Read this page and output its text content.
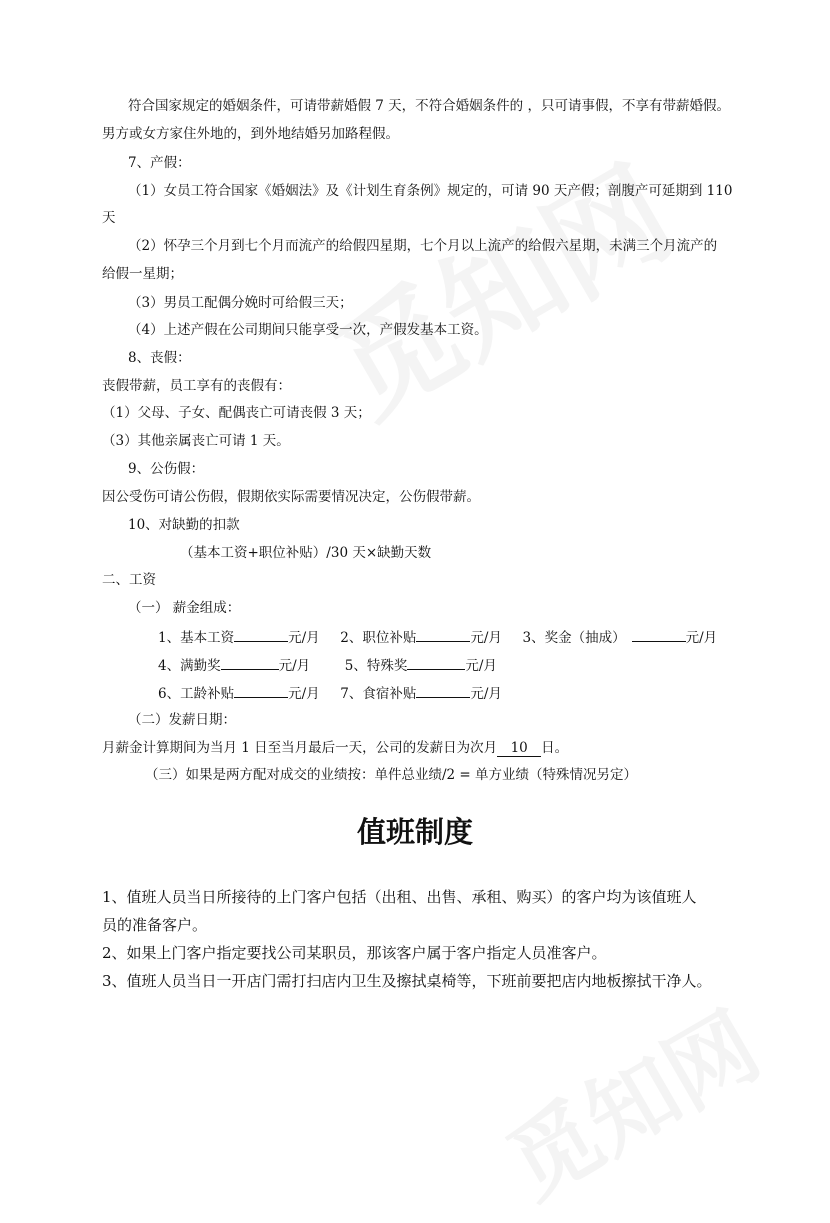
符合国家规定的婚姻条件，可请带薪婚假 7 天，不符合婚姻条件的 ，只可请事假，不享有带薪婚假。
男方或女方家住外地的，到外地结婚另加路程假。
7、产假：
（1）女员工符合国家《婚姻法》及《计划生育条例》规定的，可请 90 天产假；剖腹产可延期到 110
天
（2）怀孕三个月到七个月而流产的给假四星期，七个月以上流产的给假六星期，未满三个月流产的
给假一星期；
（3）男员工配偶分娩时可给假三天；
（4）上述产假在公司期间只能享受一次，产假发基本工资。
8、丧假：
丧假带薪，员工享有的丧假有：
（1）父母、子女、配偶丧亡可请丧假 3 天；
（3）其他亲属丧亡可请 1 天。
9、公伤假：
因公受伤可请公伤假，假期依实际需要情况决定，公伤假带薪。
10、对缺勤的扣款
（基本工资+职位补贴）/30 天×缺勤天数
二、工资
（一） 薪金组成：
1、基本工资	元/月 2、职位补贴	元/月 3、奖金（抽成）	元/月
4、满勤奖	元/月	5、特殊奖	元/月
6、工龄补贴	元/月 7、食宿补贴	元/月
（二）发薪日期：
月薪金计算期间为当月 1 日至当月最后一天，公司的发薪日为次月 10 日。
（三）如果是两方配对成交的业绩按：单件总业绩/2 = 单方业绩（特殊情况另定）
值班制度
1、值班人员当日所接待的上门客户包括（出租、出售、承租、购买）的客户均为该值班人
员的准备客户。
2、如果上门客户指定要找公司某职员，那该客户属于客户指定人员准客户。
3、值班人员当日一开店门需打扫店内卫生及擦拭桌椅等，下班前要把店内地板擦拭干净人。
